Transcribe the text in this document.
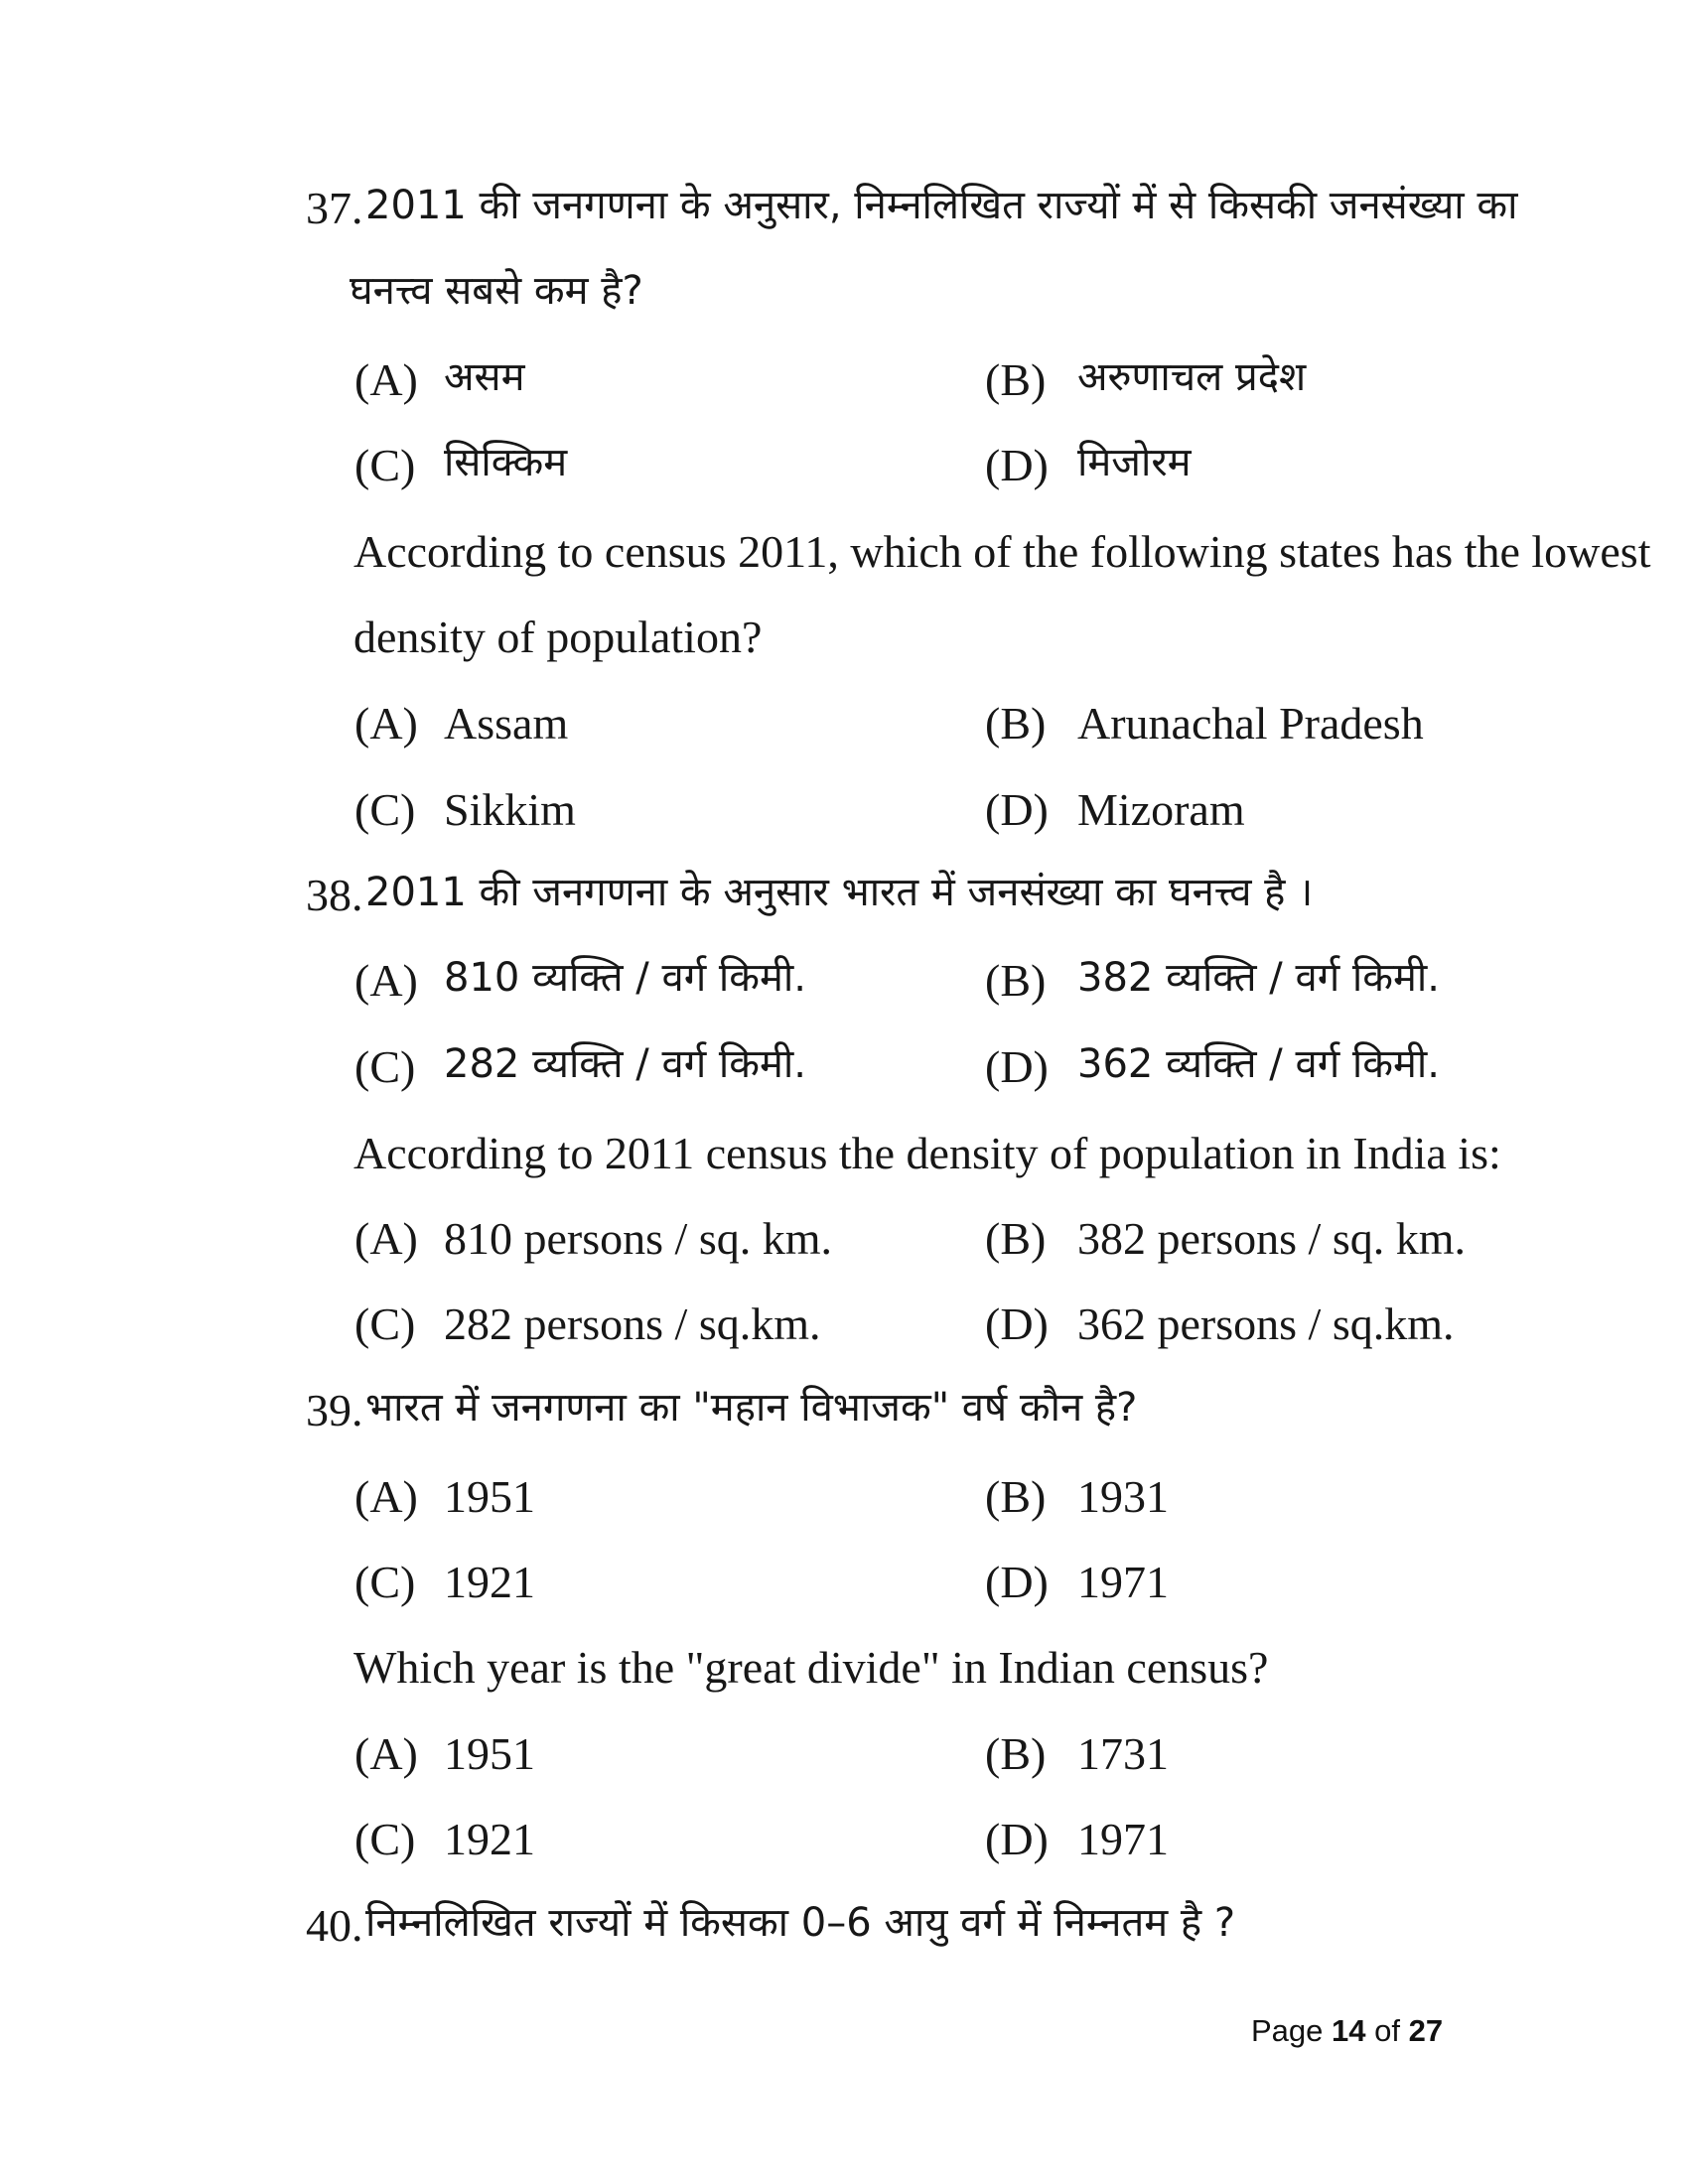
37. 2011 की जनगणना के अनुसार, निम्नलिखित राज्यों में से किसकी जनसंख्या का
घनत्त्व सबसे कम है?
(A) असम	(B) अरुणाचल प्रदेश
(C) सिक्किम	(D) मिजोरम
According to census 2011, which of the following states has the lowest
density of population?
(A) Assam	(B) Arunachal Pradesh
(C) Sikkim	(D) Mizoram
38. 2011 की जनगणना के अनुसार भारत में जनसंख्या का घनत्त्व है ।
(A) 810 व्यक्ति / वर्ग किमी.	(B) 382 व्यक्ति / वर्ग किमी.
(C) 282 व्यक्ति / वर्ग किमी.	(D) 362 व्यक्ति / वर्ग किमी.
According to 2011 census the density of population in India is:
(A) 810 persons / sq. km.	(B) 382 persons / sq. km.
(C) 282 persons / sq.km.	(D) 362 persons / sq.km.
39. भारत में जनगणना का "महान विभाजक" वर्ष कौन है?
(A) 1951	(B) 1931
(C) 1921	(D) 1971
Which year is the "great divide" in Indian census?
(A) 1951	(B) 1731
(C) 1921	(D) 1971
40. निम्नलिखित राज्यों में किसका 0–6 आयु वर्ग में निम्नतम है ?
Page 14 of 27
